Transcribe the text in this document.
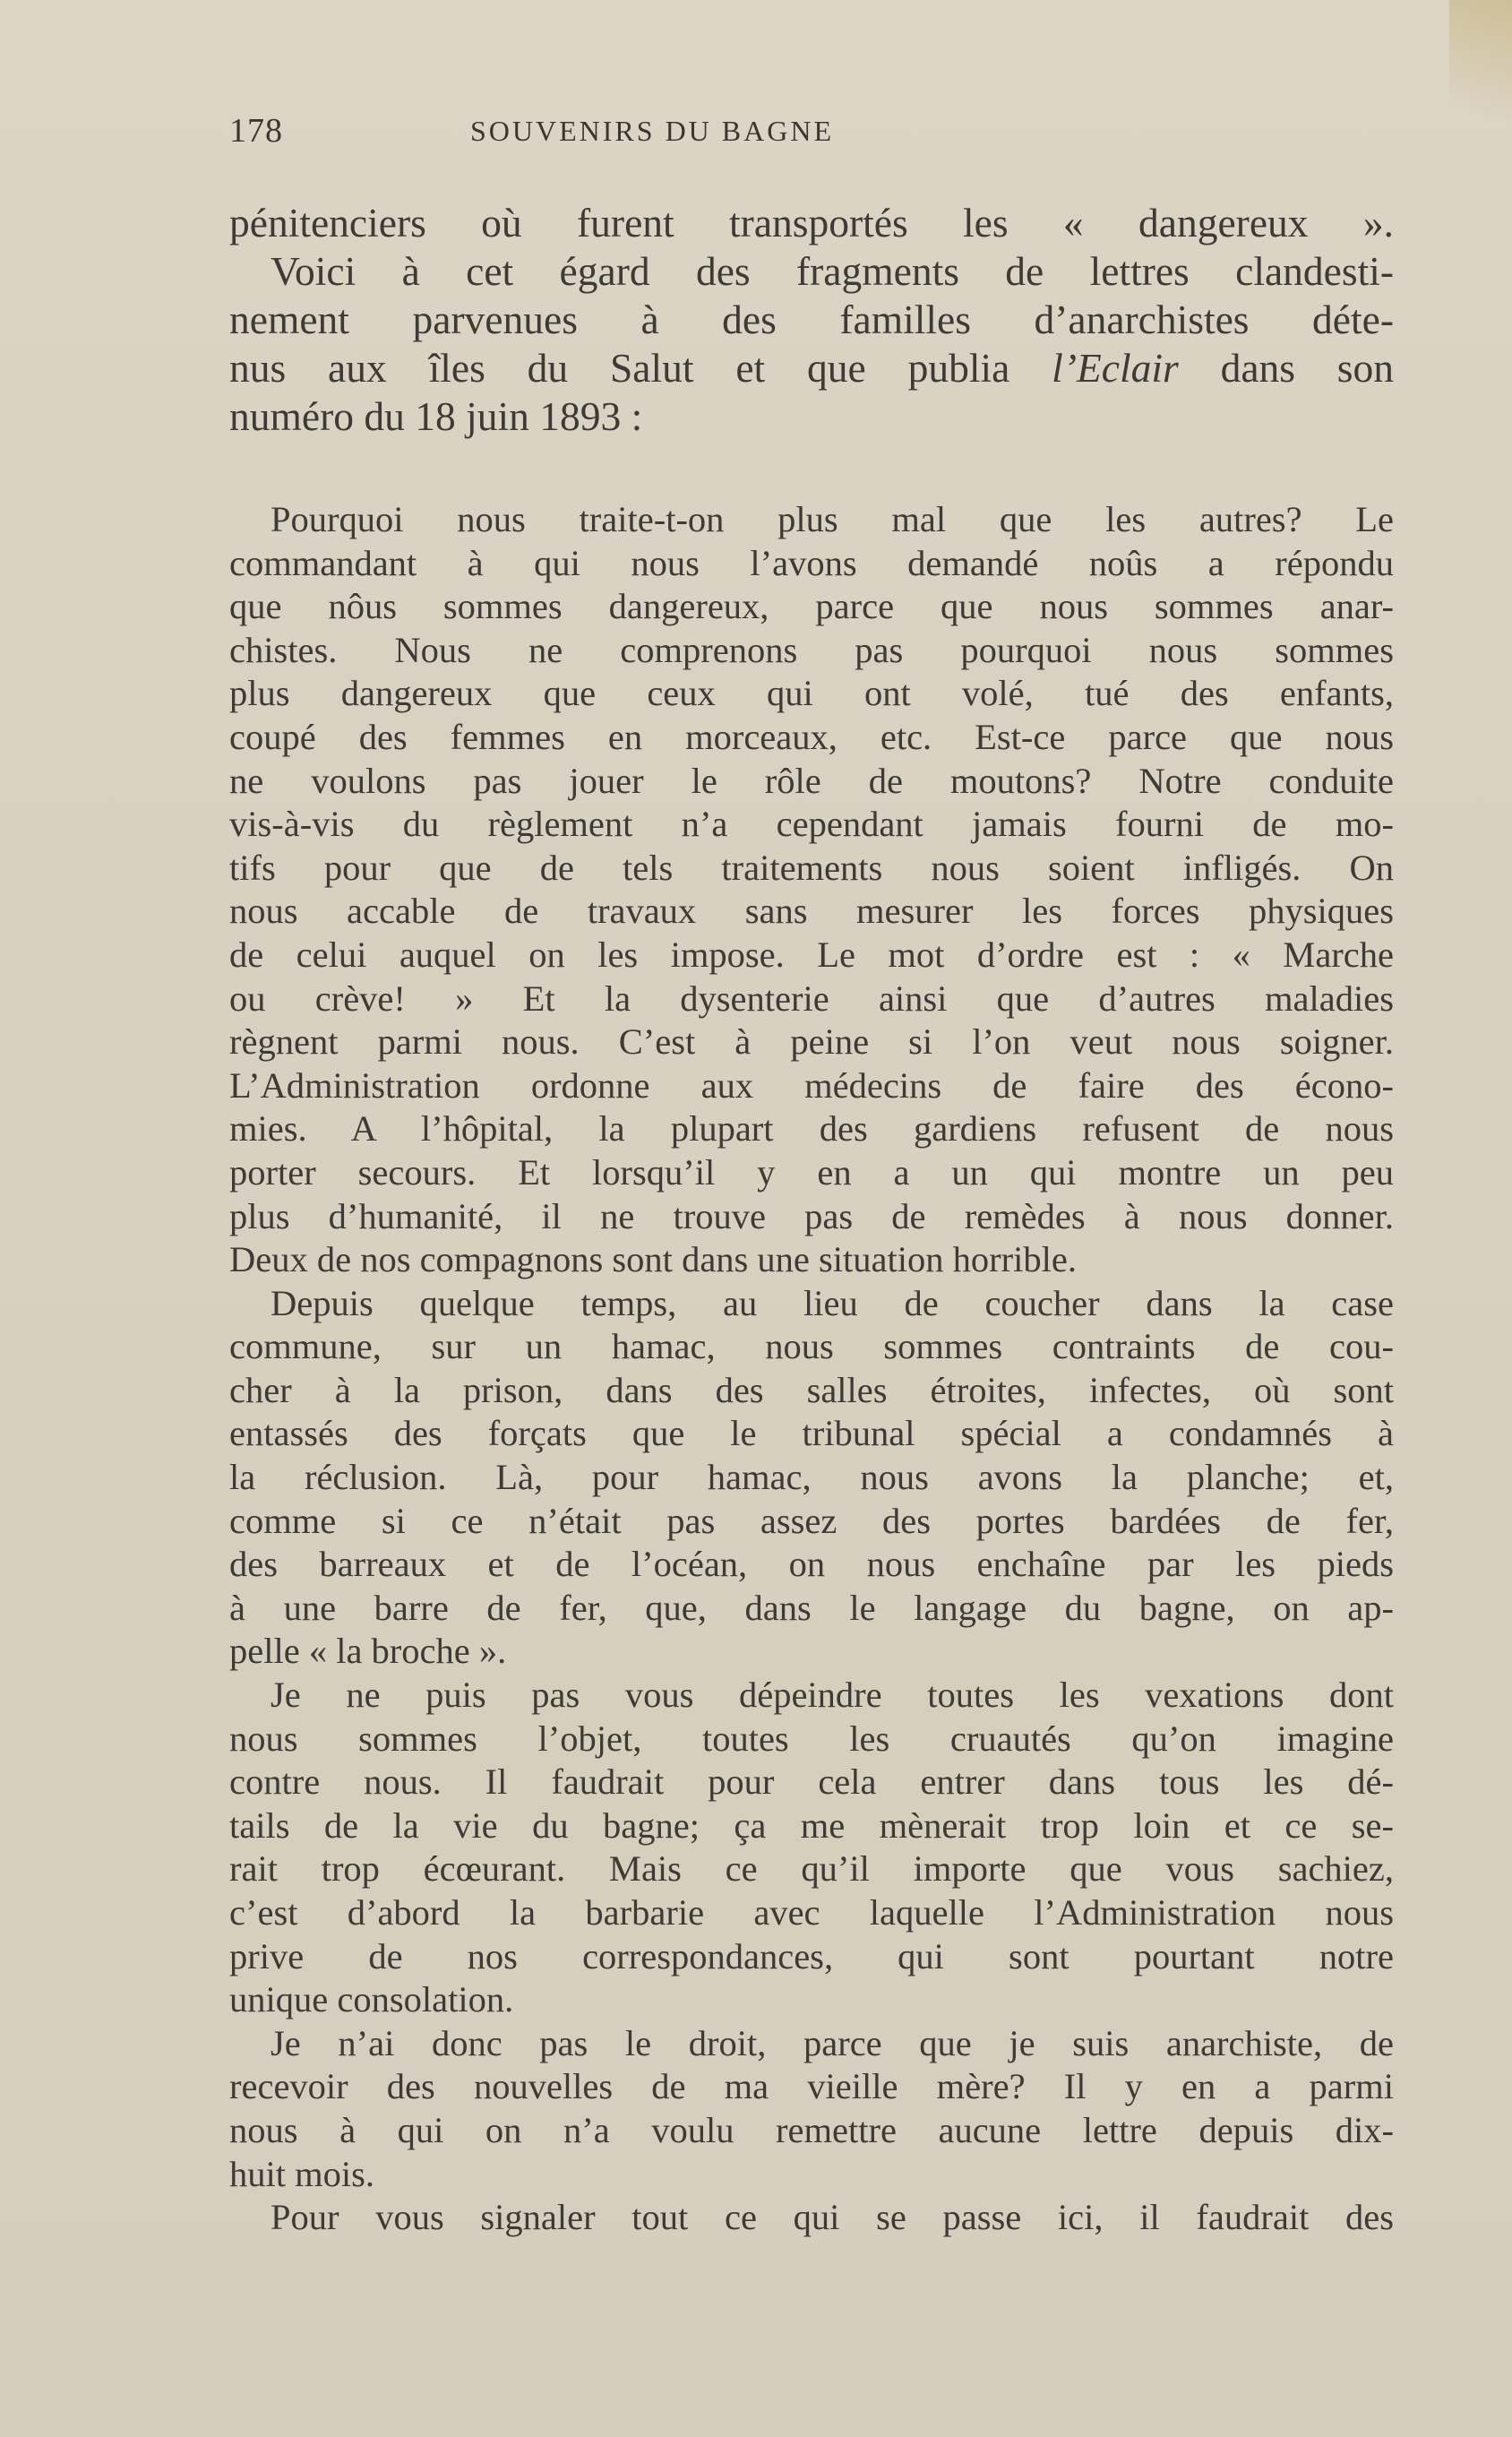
178	SOUVENIRS DU BAGNE
pénitenciers où furent transportés les « dangereux ».
Voici à cet égard des fragments de lettres clandesti-
nement parvenues à des familles d’anarchistes déte-
nus aux îles du Salut et que publia l’Eclair dans son
numéro du 18 juin 1893 :
Pourquoi nous traite-t-on plus mal que les autres? Le
commandant à qui nous l’avons demandé noûs a répondu
que nôus sommes dangereux, parce que nous sommes anar-
chistes. Nous ne comprenons pas pourquoi nous sommes
plus dangereux que ceux qui ont volé, tué des enfants,
coupé des femmes en morceaux, etc. Est-ce parce que nous
ne voulons pas jouer le rôle de moutons? Notre conduite
vis-à-vis du règlement n’a cependant jamais fourni de mo-
tifs pour que de tels traitements nous soient infligés. On
nous accable de travaux sans mesurer les forces physiques
de celui auquel on les impose. Le mot d’ordre est : « Marche
ou crève! » Et la dysenterie ainsi que d’autres maladies
règnent parmi nous. C’est à peine si l’on veut nous soigner.
L’Administration ordonne aux médecins de faire des écono-
mies. A l’hôpital, la plupart des gardiens refusent de nous
porter secours. Et lorsqu’il y en a un qui montre un peu
plus d’humanité, il ne trouve pas de remèdes à nous donner.
Deux de nos compagnons sont dans une situation horrible.
Depuis quelque temps, au lieu de coucher dans la case
commune, sur un hamac, nous sommes contraints de cou-
cher à la prison, dans des salles étroites, infectes, où sont
entassés des forçats que le tribunal spécial a condamnés à
la réclusion. Là, pour hamac, nous avons la planche; et,
comme si ce n’était pas assez des portes bardées de fer,
des barreaux et de l’océan, on nous enchaîne par les pieds
à une barre de fer, que, dans le langage du bagne, on ap-
pelle « la broche ».
Je ne puis pas vous dépeindre toutes les vexations dont
nous sommes l’objet, toutes les cruautés qu’on imagine
contre nous. Il faudrait pour cela entrer dans tous les dé-
tails de la vie du bagne; ça me mènerait trop loin et ce se-
rait trop écœurant. Mais ce qu’il importe que vous sachiez,
c’est d’abord la barbarie avec laquelle l’Administration nous
prive de nos correspondances, qui sont pourtant notre
unique consolation.
Je n’ai donc pas le droit, parce que je suis anarchiste, de
recevoir des nouvelles de ma vieille mère? Il y en a parmi
nous à qui on n’a voulu remettre aucune lettre depuis dix-
huit mois.
Pour vous signaler tout ce qui se passe ici, il faudrait des
